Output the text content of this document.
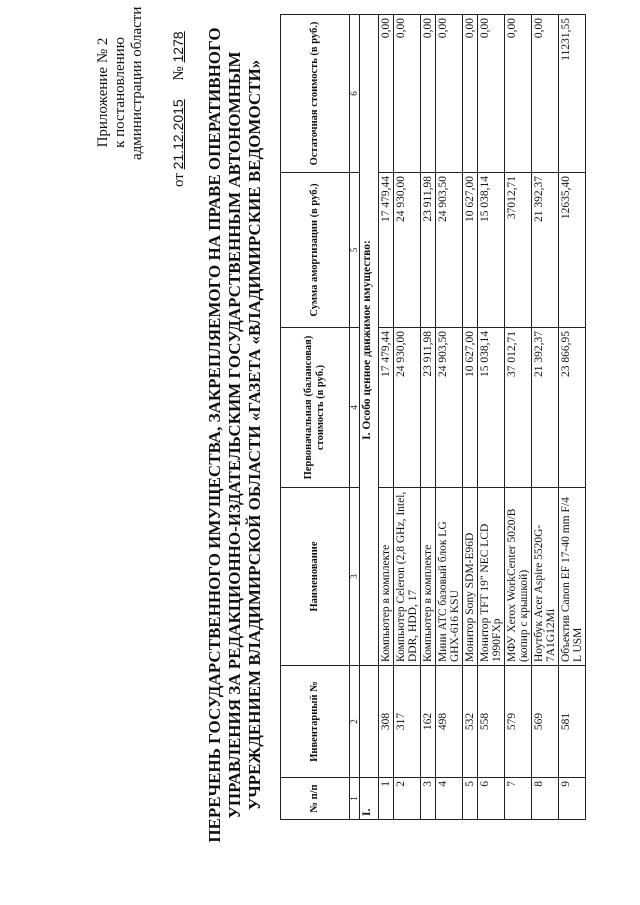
Приложение № 2 к постановлению администрации области
от 21.12.2015     № 1278 ПЕРЕЧЕНЬ ГОСУДАРСТВЕННОГО ИМУЩЕСТВА, ЗАКРЕПЛЯЕМОГО НА ПРАВЕ ОПЕРАТИВНОГО УПРАВЛЕНИЯ ЗА РЕДАКЦИОННО-ИЗДАТЕЛЬСКИМ ГОСУДАРСТВЕННЫМ АВТОНОМНЫМ УЧРЕЖДЕНИЕМ ВЛАДИМИРСКОЙ ОБЛАСТИ «ГАЗЕТА «ВЛАДИМИРСКИЕ ВЕДОМОСТИ»	№ п/п	Инвентарный №	Наименование	Первоначальная (балансовая) стоимость (в руб.)	Сумма амортизации (в руб.)	Остаточная стоимость (в руб.)
1	2	3	4	5	6
I.		I. Особо ценное движимое имущество:			
1	308	Компьютер в комплекте	17 479,44	17 479,44	0,00
2	317	Компьютер Celeron (2,8 GHz, Intel, DDR, HDD, 17	24 930,00	24 930,00	0,00
3	162	Компьютер в комплекте	23 911,98	23 911,98	0,00
4	498	Мини АТС базовый блок LG GHX-616 KSU	24 903,50	24 903,50	0,00
5	532	Монитор Sony SDM-E96D	10 627,00	10 627,00	0,00
6	558	Монитор TFT 19" NEC LCD 1990FXp	15 038,14	15 038,14	0,00
7	579	МФУ Xerox WorkCenter 5020/B (копир с крышкой)	37 012,71	37012,71	0,00
8	569	Ноутбук Acer Aspire 5520G-7A1G12Mi	21 392,37	21 392,37	0,00
9	581	Объектив Canon EF 17-40 mm F/4 L USM	23 866,95	12635,40	11231,55
